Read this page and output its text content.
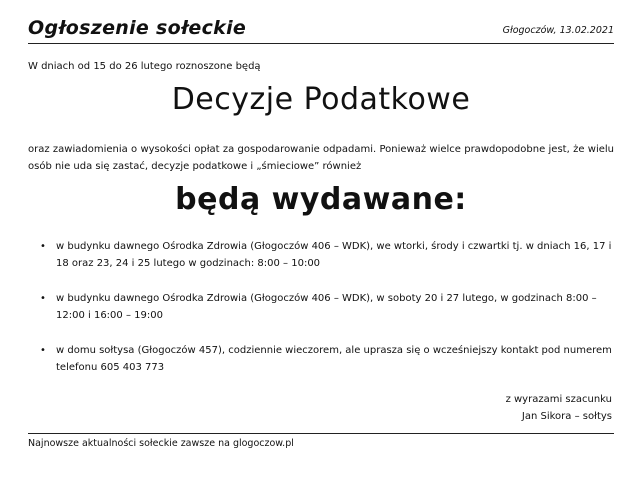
Ogłoszenie sołeckie	Głogoczów, 13.02.2021
W dniach od 15 do 26 lutego roznoszone będą
Decyzje Podatkowe
oraz zawiadomienia o wysokości opłat za gospodarowanie odpadami. Ponieważ wielce prawdopodobne jest, że wielu osób nie uda się zastać, decyzje podatkowe i „śmieciowe” również
będą wydawane:
• w budynku dawnego Ośrodka Zdrowia (Głogoczów 406 – WDK), we wtorki, środy i czwartki tj. w dniach 16, 17 i 18 oraz 23, 24 i 25 lutego w godzinach: 8:00 – 10:00
• w budynku dawnego Ośrodka Zdrowia (Głogoczów 406 – WDK), w soboty 20 i 27 lutego, w godzinach 8:00 – 12:00 i 16:00 – 19:00
• w domu sołtysa (Głogoczów 457), codziennie wieczorem, ale uprasza się o wcześniejszy kontakt pod numerem telefonu 605 403 773
z wyrazami szacunku
Jan Sikora – sołtys
Najnowsze aktualności sołeckie zawsze na glogoczow.pl
